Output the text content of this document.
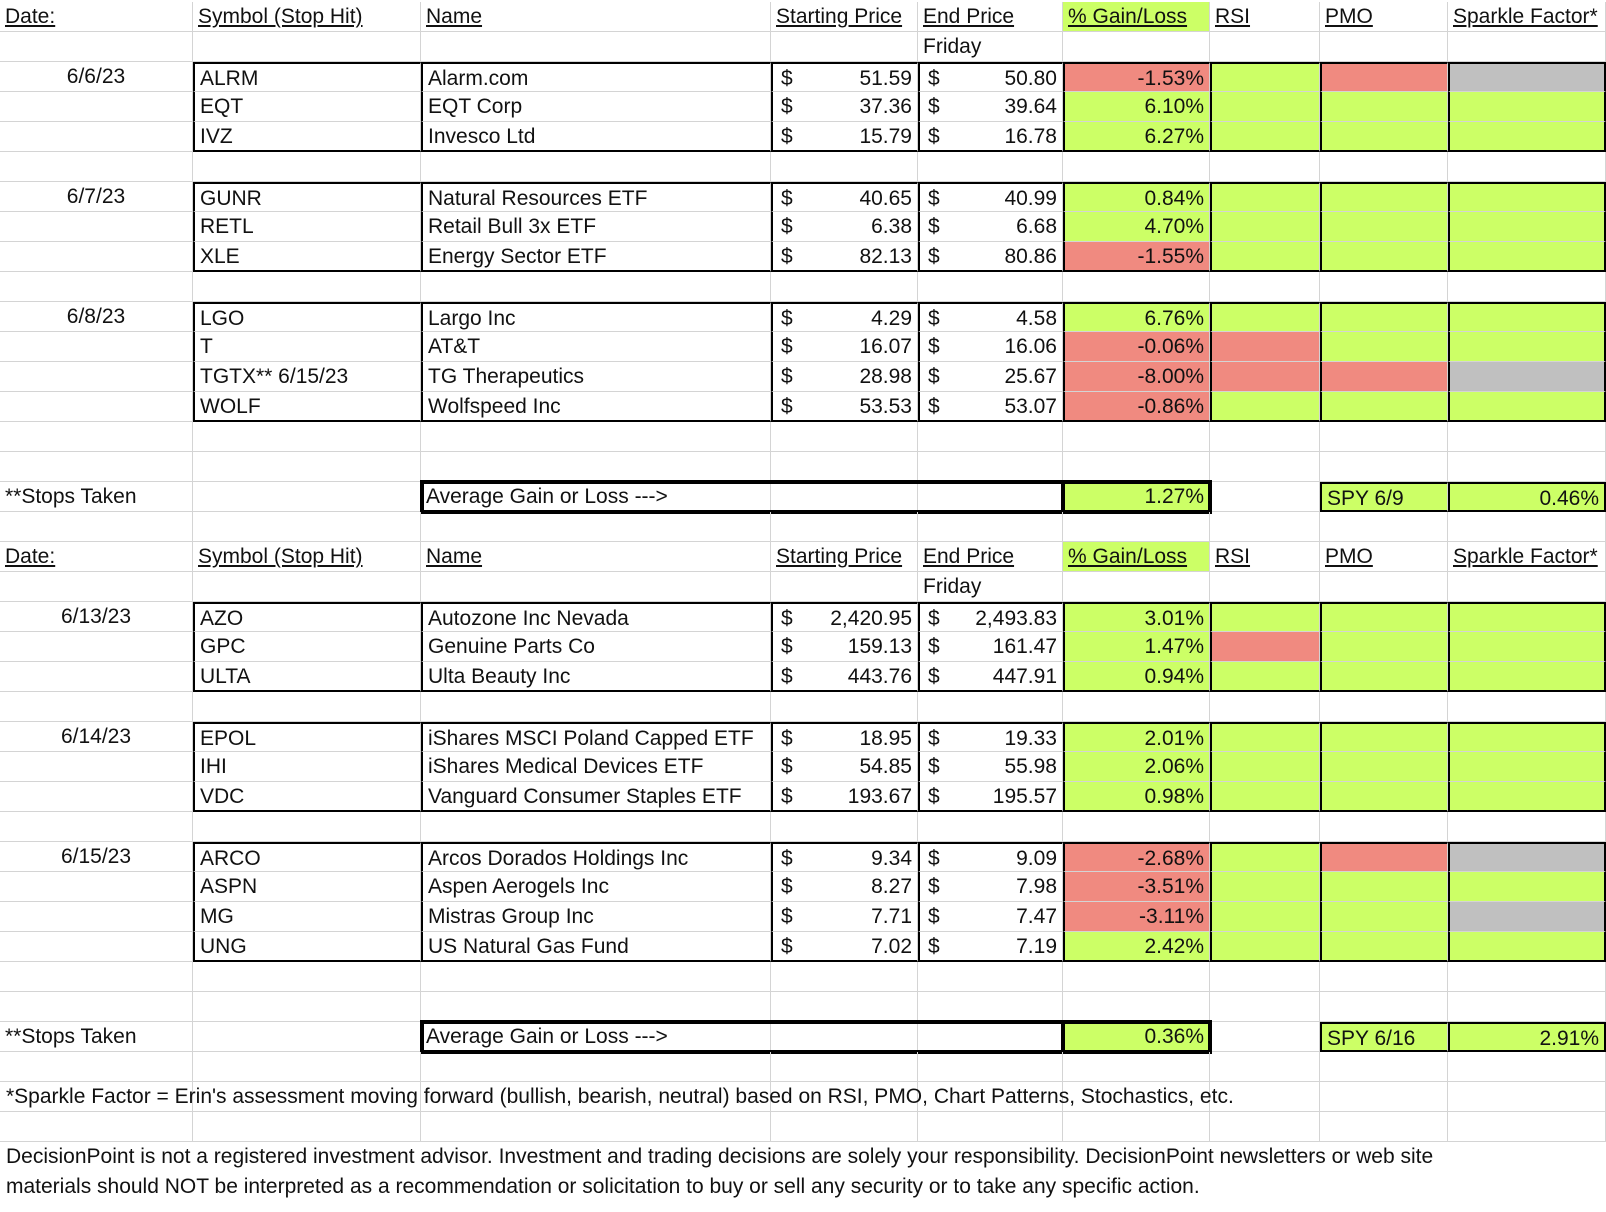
Date:	Symbol (Stop Hit)	Name	Starting Price End Price	% Gain/Loss	RSI	PMO	Sparkle Factor*
Friday
6/6/23	ALRM	Alarm.com	$	51.59 $	50.80	-1.53%
EQT	EQT Corp	$	37.36 $	39.64	6.10%
IVZ	Invesco Ltd	$	15.79 $	16.78	6.27%
6/7/23	GUNR	Natural Resources ETF	$	40.65 $	40.99	0.84%
RETL	Retail Bull 3x ETF	$	6.38 $	6.68	4.70%
XLE	Energy Sector ETF	$	82.13 $	80.86	-1.55%
6/8/23	LGO	Largo Inc	$	4.29 $	4.58	6.76%
T	AT&T	$	16.07 $	16.06	-0.06%
TGTX** 6/15/23	TG Therapeutics	$	28.98 $	25.67	-8.00%
WOLF	Wolfspeed Inc	$	53.53 $	53.07	-0.86%
**Stops Taken	Average Gain or Loss --->	1.27%	SPY 6/9	0.46%
Date:	Symbol (Stop Hit)	Name	Starting Price End Price	% Gain/Loss	RSI	PMO	Sparkle Factor*
Friday
6/13/23	AZO	Autozone Inc Nevada	$ 2,420.95 $ 2,493.83	3.01%
GPC	Genuine Parts Co	$	159.13 $	161.47	1.47%
ULTA	Ulta Beauty Inc	$	443.76 $	447.91	0.94%
6/14/23	EPOL	iShares MSCI Poland Capped ETF	$	18.95 $	19.33	2.01%
IHI	iShares Medical Devices ETF	$	54.85 $	55.98	2.06%
VDC	Vanguard Consumer Staples ETF	$	193.67 $	195.57	0.98%
6/15/23	ARCO	Arcos Dorados Holdings Inc	$	9.34 $	9.09	-2.68%
ASPN	Aspen Aerogels Inc	$	8.27 $	7.98	-3.51%
MG	Mistras Group Inc	$	7.71 $	7.47	-3.11%
UNG	US Natural Gas Fund	$	7.02 $	7.19	2.42%
**Stops Taken	Average Gain or Loss --->	0.36%	SPY 6/16	2.91%
DecisionPoint is not a registered investment advisor. Investment and trading decisions are solely your responsibility. DecisionPoint newsletters or web site
materials should NOT be interpreted as a recommendation or solicitation to buy or sell any security or to take any specific action.
*Sparkle Factor = Erin's assessment moving forward (bullish, bearish, neutral) based on RSI, PMO, Chart Patterns, Stochastics, etc.
